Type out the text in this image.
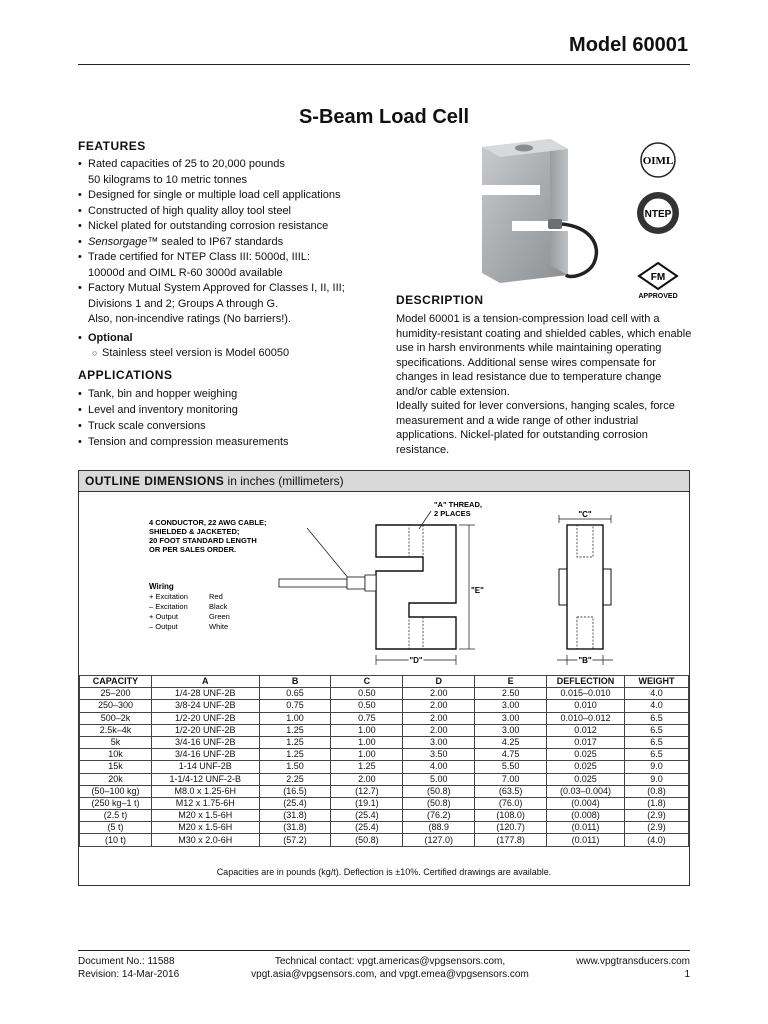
Model 60001
S-Beam Load Cell
FEATURES
• Rated capacities of 25 to 20,000 pounds
50 kilograms to 10 metric tonnes
• Designed for single or multiple load cell applications
• Constructed of high quality alloy tool steel
• Nickel plated for outstanding corrosion resistance
• Sensorgage™ sealed to IP67 standards
• Trade certified for NTEP Class III: 5000d, IIIL:
10000d and OIML R-60 3000d available
• Factory Mutual System Approved for Classes I, II, III;
Divisions 1 and 2; Groups A through G.
Also, non-incendive ratings (No barriers!).
• Optional
○ Stainless steel version is Model 60050
APPLICATIONS
• Tank, bin and hopper weighing
• Level and inventory monitoring
• Truck scale conversions
• Tension and compression measurements
OIML
NTEP
FM
APPROVED
DESCRIPTION

Model 60001 is a tension-compression load cell with a humidity-resistant coating and shielded cables, which enable use in harsh environments while maintaining operating specifications. Additional sense wires compensate for changes in lead resistance due to temperature change and/or cable extension.

Ideally suited for lever conversions, hanging scales, force measurement and a wide range of other industrial applications. Nickel-plated for outstanding corrosion resistance.

OUTLINE DIMENSIONS in inches (millimeters)
4 CONDUCTOR, 22 AWG CABLE; SHIELDED & JACKETED; 20 FOOT STANDARD LENGTH OR PER SALES ORDER.
Wiring
+ Excitation	Red
– Excitation	Black
+ Output	Green
– Output	White
"A" THREAD, 2 PLACES
"E"
"D"
"C"
"B"
CAPACITY	A	B	C	D	E	DEFLECTION	WEIGHT
25–200	1/4-28 UNF-2B	0.65	0.50	2.00	2.50	0.015–0.010	4.0
250–300	3/8-24 UNF-2B	0.75	0.50	2.00	3.00	0.010	4.0
500–2k	1/2-20 UNF-2B	1.00	0.75	2.00	3.00	0.010–0.012	6.5
2.5k–4k	1/2-20 UNF-2B	1.25	1.00	2.00	3.00	0.012	6.5
5k	3/4-16 UNF-2B	1.25	1.00	3.00	4.25	0.017	6.5
10k	3/4-16 UNF-2B	1.25	1.00	3.50	4.75	0.025	6.5
15k	1-14 UNF-2B	1.50	1.25	4.00	5.50	0.025	9.0
20k	1-1/4-12 UNF-2-B	2.25	2.00	5.00	7.00	0.025	9.0
(50–100 kg)	M8.0 x 1.25-6H	(16.5)	(12.7)	(50.8)	(63.5)	(0.03–0.004)	(0.8)
(250 kg–1 t)	M12 x 1.75-6H	(25.4)	(19.1)	(50.8)	(76.0)	(0.004)	(1.8)
(2.5 t)	M20 x 1.5-6H	(31.8)	(25.4)	(76.2)	(108.0)	(0.008)	(2.9)
(5 t)	M20 x 1.5-6H	(31.8)	(25.4)	(88.9	(120.7)	(0.011)	(2.9)
(10 t)	M30 x 2.0-6H	(57.2)	(50.8)	(127.0)	(177.8)	(0.011)	(4.0)
Capacities are in pounds (kg/t). Deflection is ±10%. Certified drawings are available.
Document No.: 11588
Revision: 14-Mar-2016
Technical contact: vpgt.americas@vpgsensors.com,
vpgt.asia@vpgsensors.com, and vpgt.emea@vpgsensors.com
www.vpgtransducers.com
1
